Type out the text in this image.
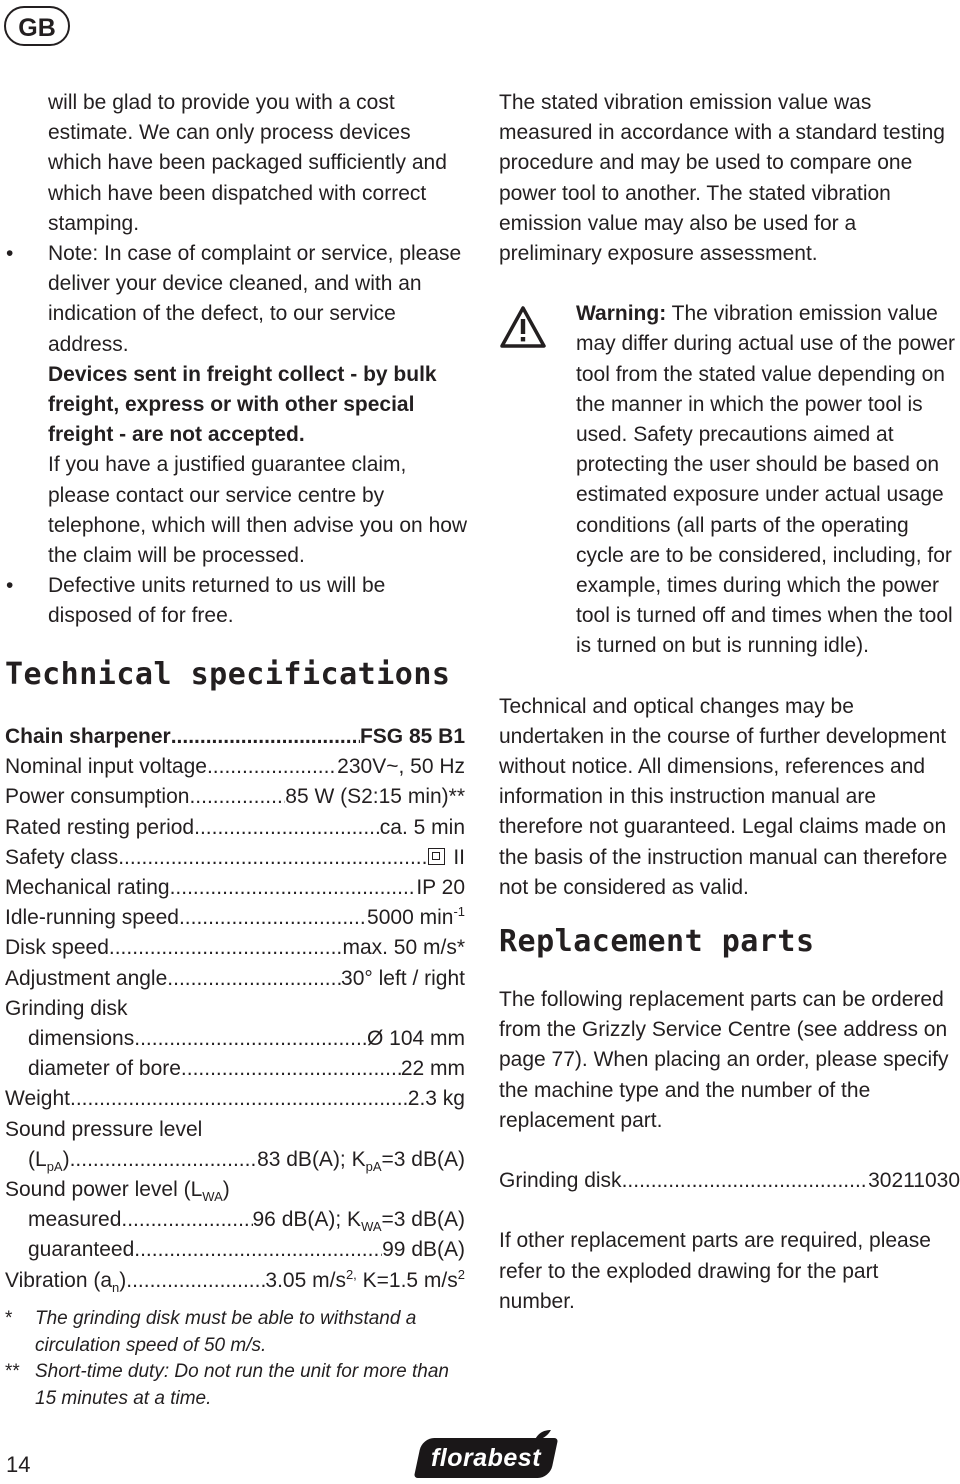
GB

will be glad to provide you with a cost estimate. We can only process devices which have been packaged sufficiently and which have been dispatched with correct stamping.

• Note: In case of complaint or service, please deliver your device cleaned, and with an indication of the defect, to our service address.

Devices sent in freight collect - by bulk freight, express or with other special freight - are not accepted.

If you have a justified guarantee claim, please contact our service centre by telephone, which will then advise you on how the claim will be processed.

• Defective units returned to us will be disposed of for free.

Technical specifications
Chain sharpener .....	FSG 85 B1
Nominal input voltage .....	230V~, 50 Hz
Power consumption .....	85 W (S2:15 min)**
Rated resting period .....	ca. 5 min
Safety class .....	II
Mechanical rating .....	IP 20
Idle-running speed .....	5000 $\min^{-1}$
Disk speed .....	max. 50 m/s*
Adjustment angle .....	30° left / right
Grinding disk
dimensions .....	Ø 104 mm
diameter of bore .....	22 mm
Weight .....	2.3 kg
Sound pressure level
$(L_{pA})$ .....	83 dB(A); $K_{pA}=3$ dB(A)
Sound power level $(L_{WA})$
measured .....	96 dB(A); $K_{WA}=3$ dB(A)
guaranteed .....	99 dB(A)
Vibration $(a_n)$ .....	3.05 $m/s^{2,}$ K=1.5 $m/s^2$
* The grinding disk must be able to withstand a circulation speed of 50 m/s.
** Short-time duty: Do not run the unit for more than 15 minutes at a time.

The stated vibration emission value was measured in accordance with a standard testing procedure and may be used to compare one power tool to another. The stated vibration emission value may also be used for a preliminary exposure assessment.

Warning: The vibration emission value may differ during actual use of the power tool from the stated value depending on the manner in which the power tool is used. Safety precautions aimed at protecting the user should be based on estimated exposure under actual usage conditions (all parts of the operating cycle are to be considered, including, for example, times during which the power tool is turned off and times when the tool is turned on but is running idle).

Technical and optical changes may be undertaken in the course of further development without notice. All dimensions, references and information in this instruction manual are therefore not guaranteed. Legal claims made on the basis of the instruction manual can therefore not be considered as valid.

Replacement parts

The following replacement parts can be ordered from the Grizzly Service Centre (see address on page 77). When placing an order, please specify the machine type and the number of the replacement part.

Grinding disk .....	30211030

If other replacement parts are required, please refer to the exploded drawing for the part number.

14	florabest
